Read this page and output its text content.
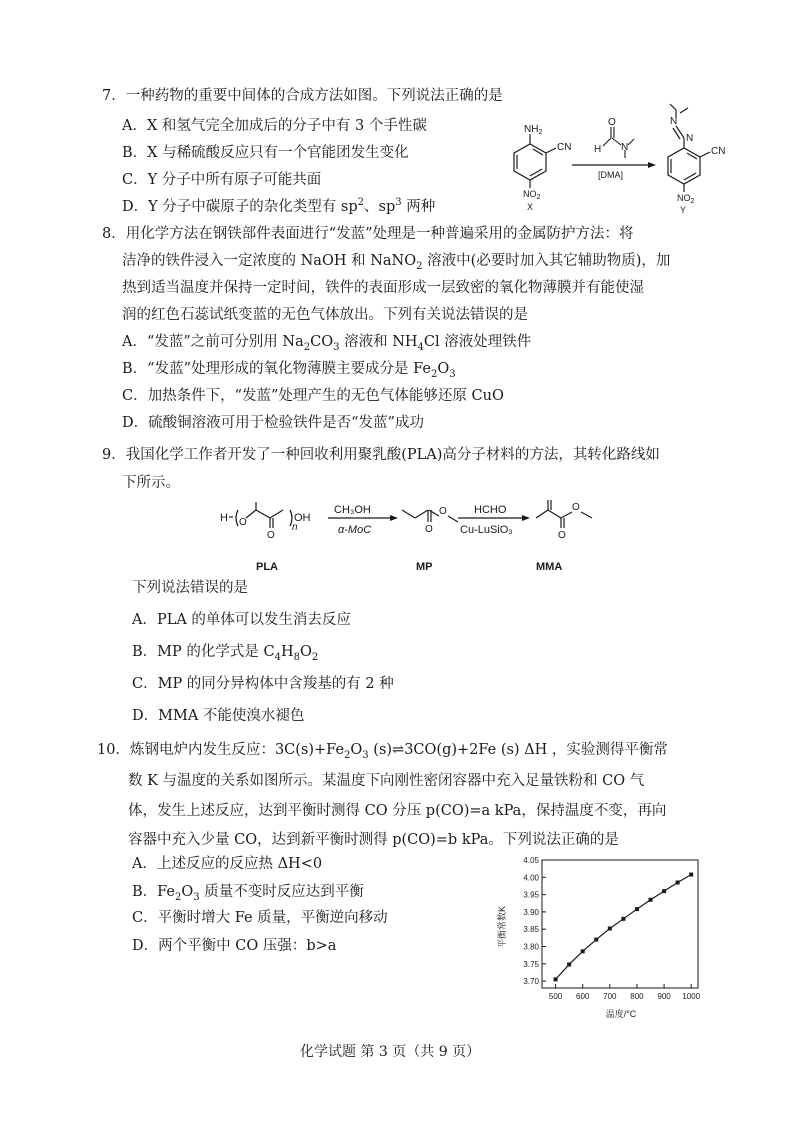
7．一种药物的重要中间体的合成方法如图。下列说法正确的是
A．X 和氢气完全加成后的分子中有 3 个手性碳
B．X 与稀硫酸反应只有一个官能团发生变化
C．Y 分子中所有原子可能共面
D．Y 分子中碳原子的杂化类型有 $sp^2$、$sp^3$ 两种
$NH_2$
CN
$NO_2$
X
H
O
N
[DMA]
N
N
CN
$NO_2$
Y
8．用化学方法在钢铁部件表面进行“发蓝”处理是一种普遍采用的金属防护方法：将
洁净的铁件浸入一定浓度的 NaOH 和 NaNO$_2$ 溶液中(必要时加入其它辅助物质)，加
热到适当温度并保持一定时间，铁件的表面形成一层致密的氧化物薄膜并有能使湿
润的红色石蕊试纸变蓝的无色气体放出。下列有关说法错误的是
A．“发蓝”之前可分别用 $Na_2CO_3$ 溶液和 $NH_4Cl$ 溶液处理铁件
B．“发蓝”处理形成的氧化物薄膜主要成分是 $Fe_2O_3$
C．加热条件下，“发蓝”处理产生的无色气体能够还原 CuO
D．硫酸铜溶液可用于检验铁件是否“发蓝”成功
9．我国化学工作者开发了一种回收利用聚乳酸(PLA)高分子材料的方法，其转化路线如
下所示。
H O
O
n
OH
PLA
CH₃OH
α-MoC
O
O
MP
HCHO
Cu-LuSiO₃
O
O
MMA
下列说法错误的是
A．PLA 的单体可以发生消去反应
B．MP 的化学式是 $C_4H_8O_2$
C．MP 的同分异构体中含羧基的有 2 种
D．MMA 不能使溴水褪色
10．炼钢电炉内发生反应：$3C(s)+Fe_2O_3$ (s)⇌3CO(g)+2Fe (s) ΔH ，实验测得平衡常
数 K 与温度的关系如图所示。某温度下向刚性密闭容器中充入足量铁粉和 CO 气
体，发生上述反应，达到平衡时测得 CO 分压 p(CO)=a kPa，保持温度不变，再向
容器中充入少量 CO，达到新平衡时测得 p(CO)=b kPa。下列说法正确的是
A．上述反应的反应热 ΔH<0
B．$Fe_2O_3$ 质量不变时反应达到平衡
C．平衡时增大 Fe 质量，平衡逆向移动
D．两个平衡中 CO 压强：b>a
500 600 700 800 900 1000
3.70
3.75
3.80
3.85
3.90
3.95
4.00
4.05
平衡常数K
温度/°C
化学试题 第 3 页（共 9 页）
